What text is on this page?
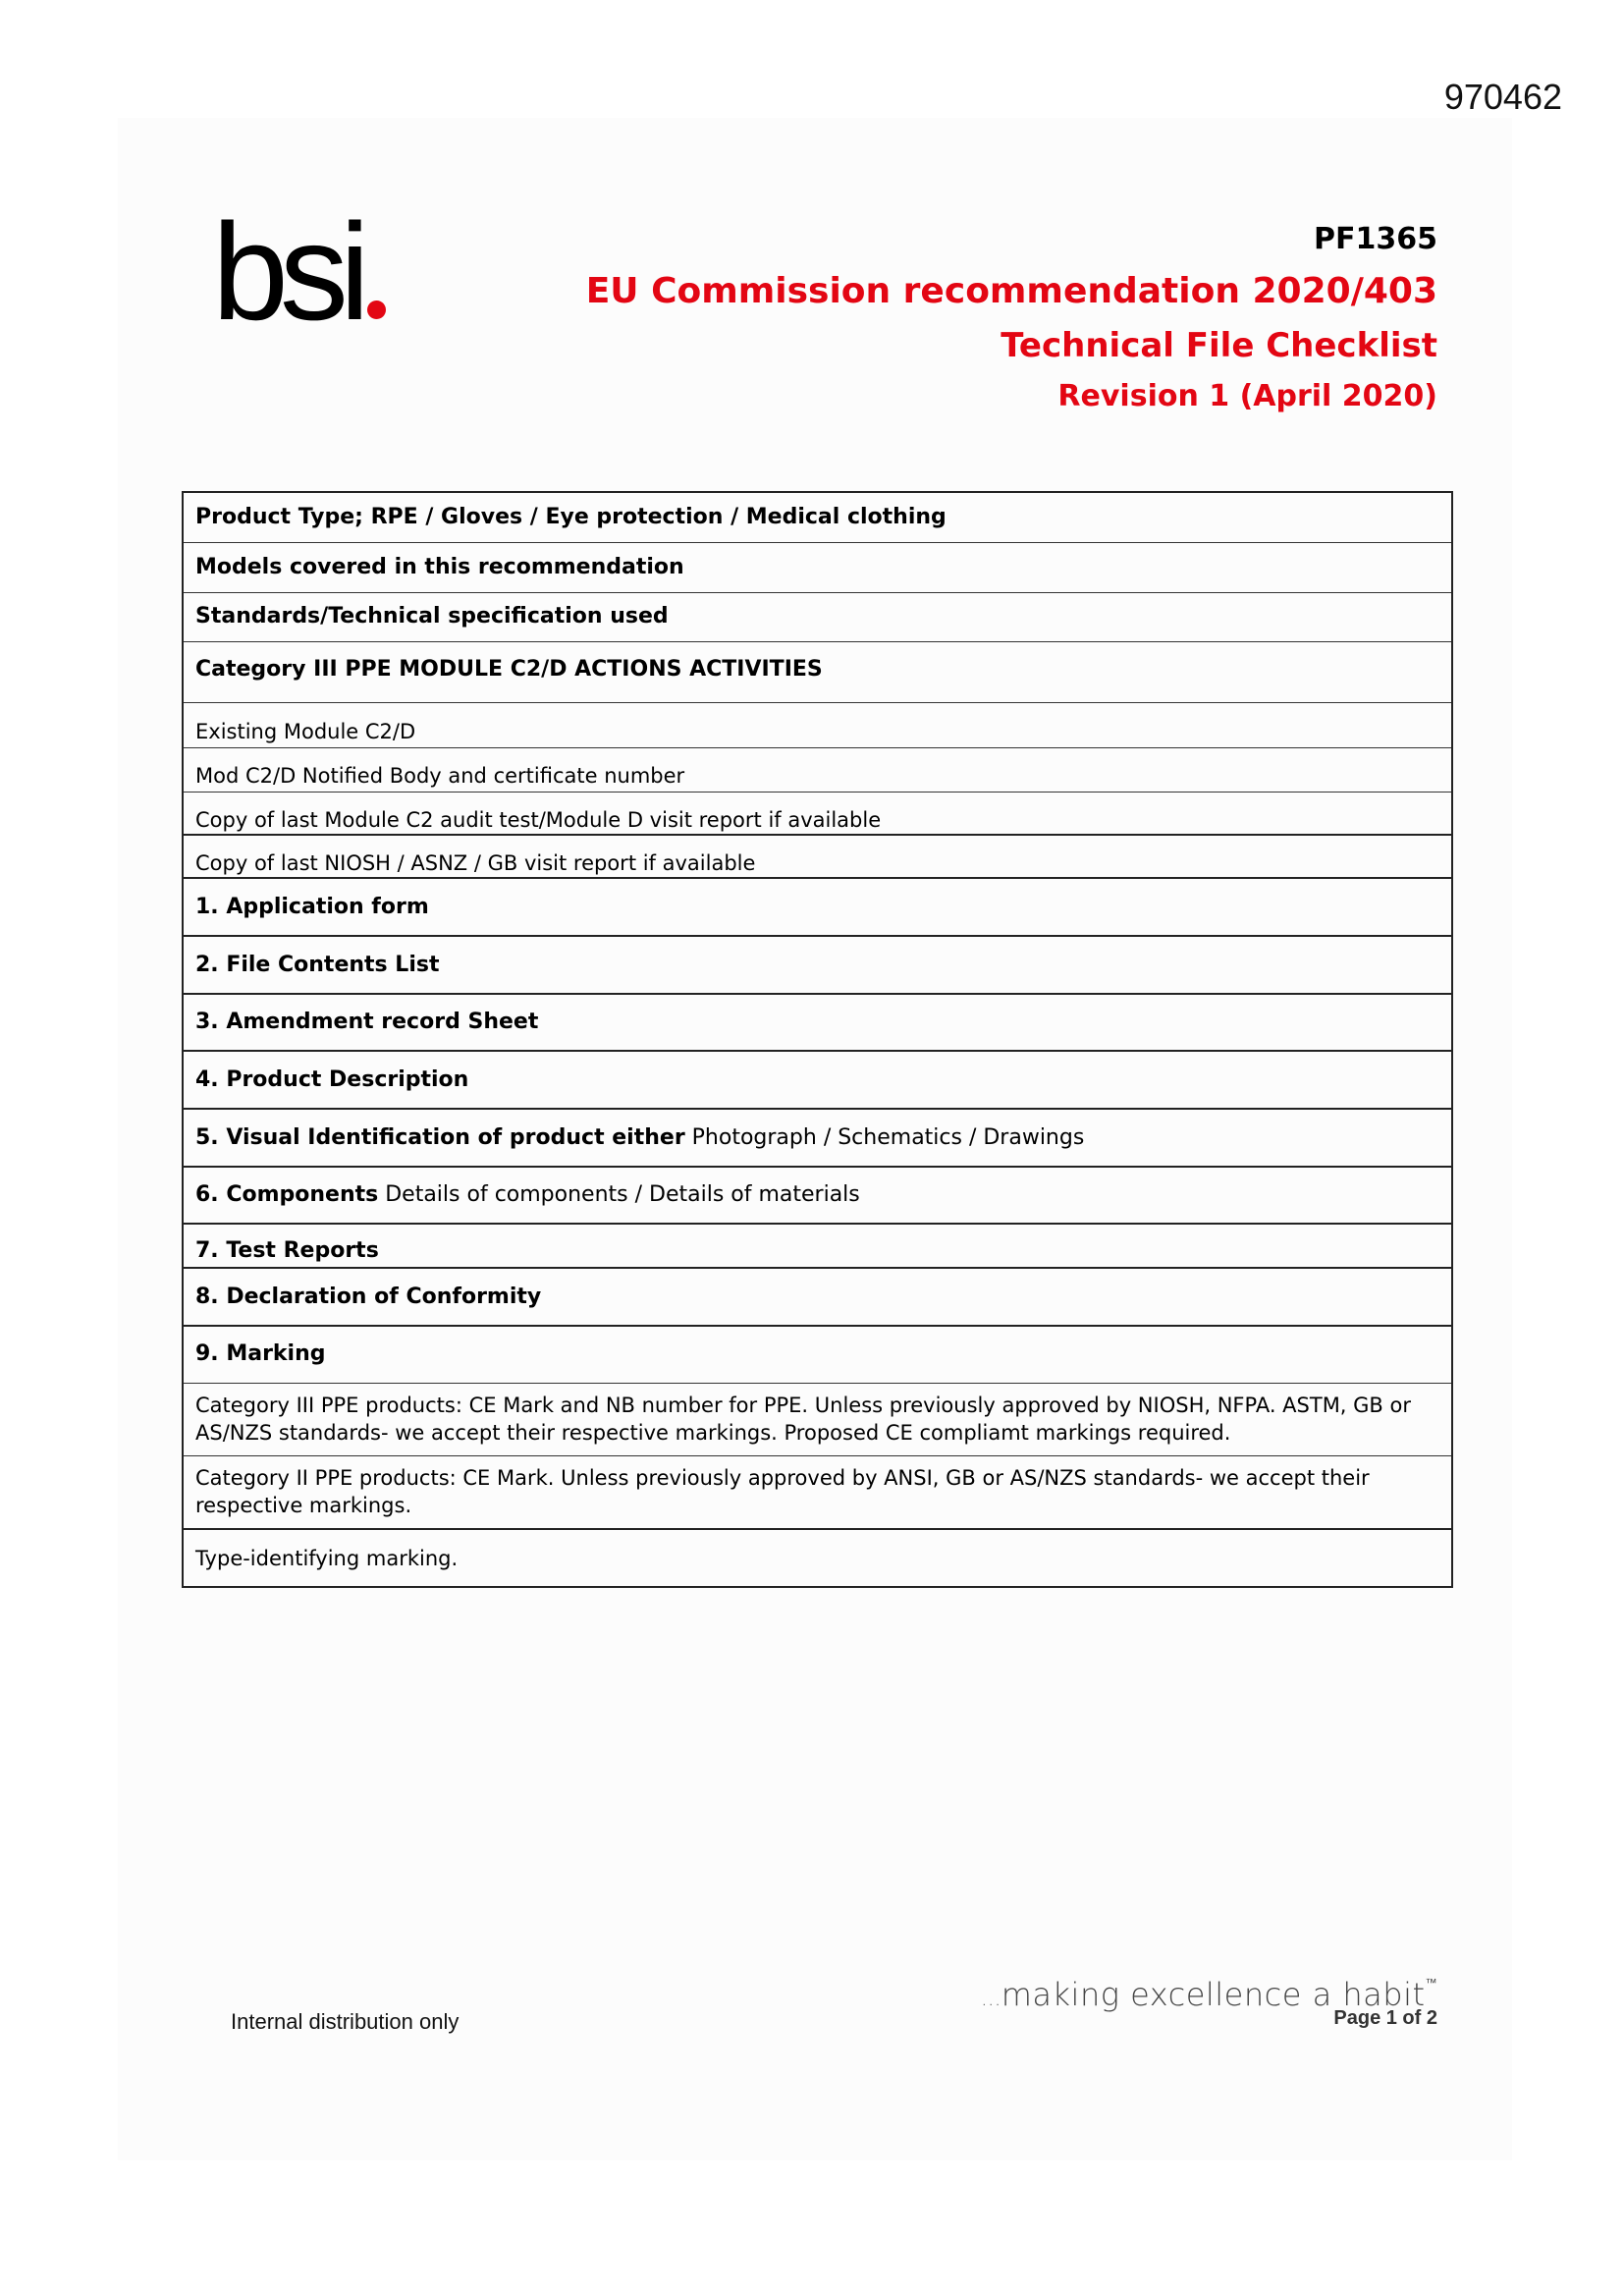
970462
bsi	PF1365
EU Commission recommendation 2020/403
Technical File Checklist
Revision 1 (April 2020)
Product Type; RPE / Gloves / Eye protection / Medical clothing
Models covered in this recommendation
Standards/Technical specification used
Category III PPE MODULE C2/D ACTIONS ACTIVITIES
Existing Module C2/D
Mod C2/D Notified Body and certificate number
Copy of last Module C2 audit test/Module D visit report if available
Copy of last NIOSH / ASNZ / GB visit report if available
1. Application form
2. File Contents List
3. Amendment record Sheet
4. Product Description
5. Visual Identification of product either Photograph / Schematics / Drawings
6. Components Details of components / Details of materials
7. Test Reports
8. Declaration of Conformity
9. Marking
Category III PPE products: CE Mark and NB number for PPE. Unless previously approved by NIOSH, NFPA. ASTM, GB or AS/NZS standards- we accept their respective markings. Proposed CE compliamt markings required.
Category II PPE products: CE Mark. Unless previously approved by ANSI, GB or AS/NZS standards- we accept their respective markings.
Type-identifying marking.
Internal distribution only
...making excellence a habit™
Page 1 of 2
